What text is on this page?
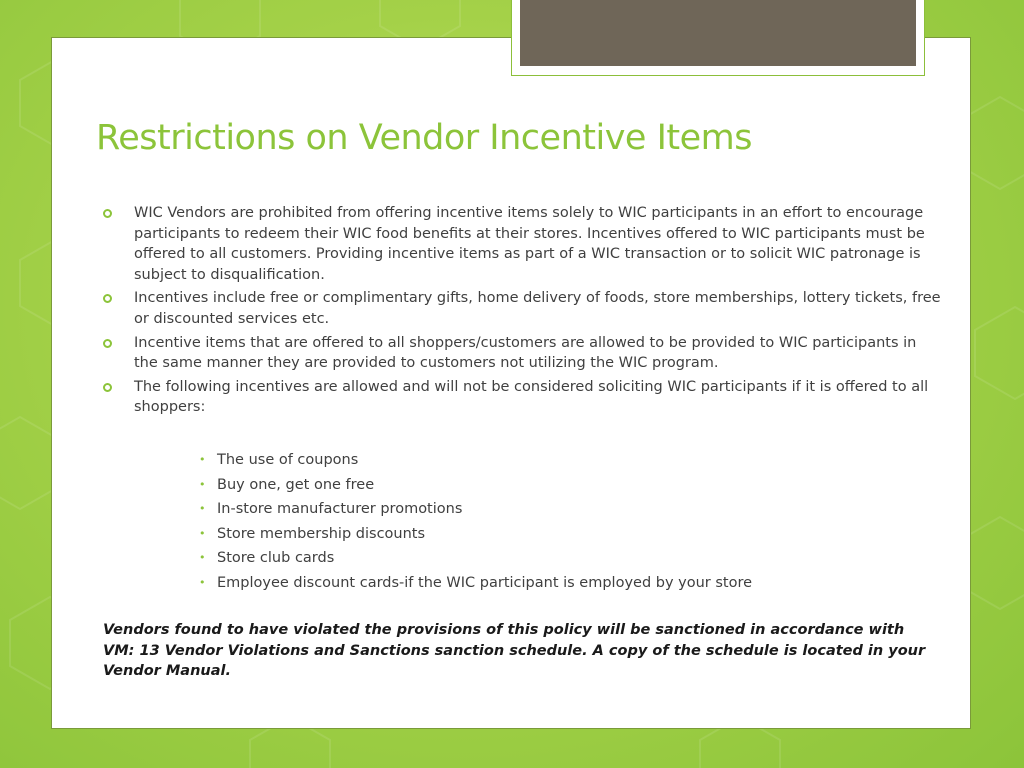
Restrictions on Vendor Incentive Items
WIC Vendors are prohibited from offering incentive items solely to WIC participants in an effort to encourage participants to redeem their WIC food benefits at their stores. Incentives offered to WIC participants must be offered to all customers. Providing incentive items as part of a WIC transaction or to solicit WIC patronage is subject to disqualification.
Incentives include free or complimentary gifts, home delivery of foods, store memberships, lottery tickets, free or discounted services etc.
Incentive items that are offered to all shoppers/customers are allowed to be provided to WIC participants in the same manner they are provided to customers not utilizing the WIC program.
The following incentives are allowed and will not be considered soliciting WIC participants if it is offered to all shoppers:
• The use of coupons
• Buy one, get one free
• In-store manufacturer promotions
• Store membership discounts
• Store club cards
• Employee discount cards-if the WIC participant is employed by your store

Vendors found to have violated the provisions of this policy will be sanctioned in accordance with VM: 13 Vendor Violations and Sanctions sanction schedule. A copy of the schedule is located in your Vendor Manual.
